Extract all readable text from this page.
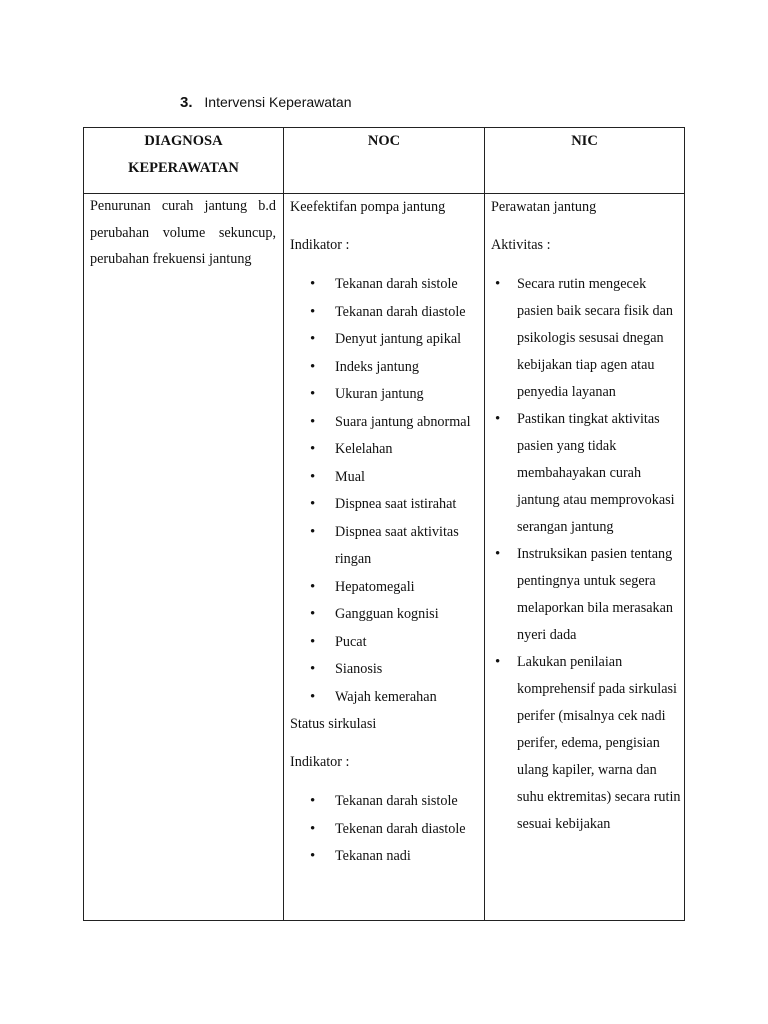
3. Intervensi Keperawatan
DIAGNOSA
KEPERAWATAN
NOC	NIC
Penurunan curah jantung b.d perubahan volume sekuncup, perubahan frekuensi jantung
Keefektifan pompa jantung
Indikator :
• Tekanan darah sistole
• Tekanan darah diastole
• Denyut jantung apikal
• Indeks jantung
• Ukuran jantung
• Suara jantung abnormal
• Kelelahan
• Mual
• Dispnea saat istirahat
• Dispnea saat aktivitas ringan
• Hepatomegali
• Gangguan kognisi
• Pucat
• Sianosis
• Wajah kemerahan
Status sirkulasi
Indikator :
• Tekanan darah sistole
• Tekenan darah diastole
• Tekanan nadi
Perawatan jantung
Aktivitas :
• Secara rutin mengecek pasien baik secara fisik dan psikologis sesusai dnegan kebijakan tiap agen atau penyedia layanan
• Pastikan tingkat aktivitas pasien yang tidak membahayakan curah jantung atau memprovokasi serangan jantung
• Instruksikan pasien tentang pentingnya untuk segera melaporkan bila merasakan nyeri dada
• Lakukan penilaian komprehensif pada sirkulasi perifer (misalnya cek nadi perifer, edema, pengisian ulang kapiler, warna dan suhu ektremitas) secara rutin sesuai kebijakan
